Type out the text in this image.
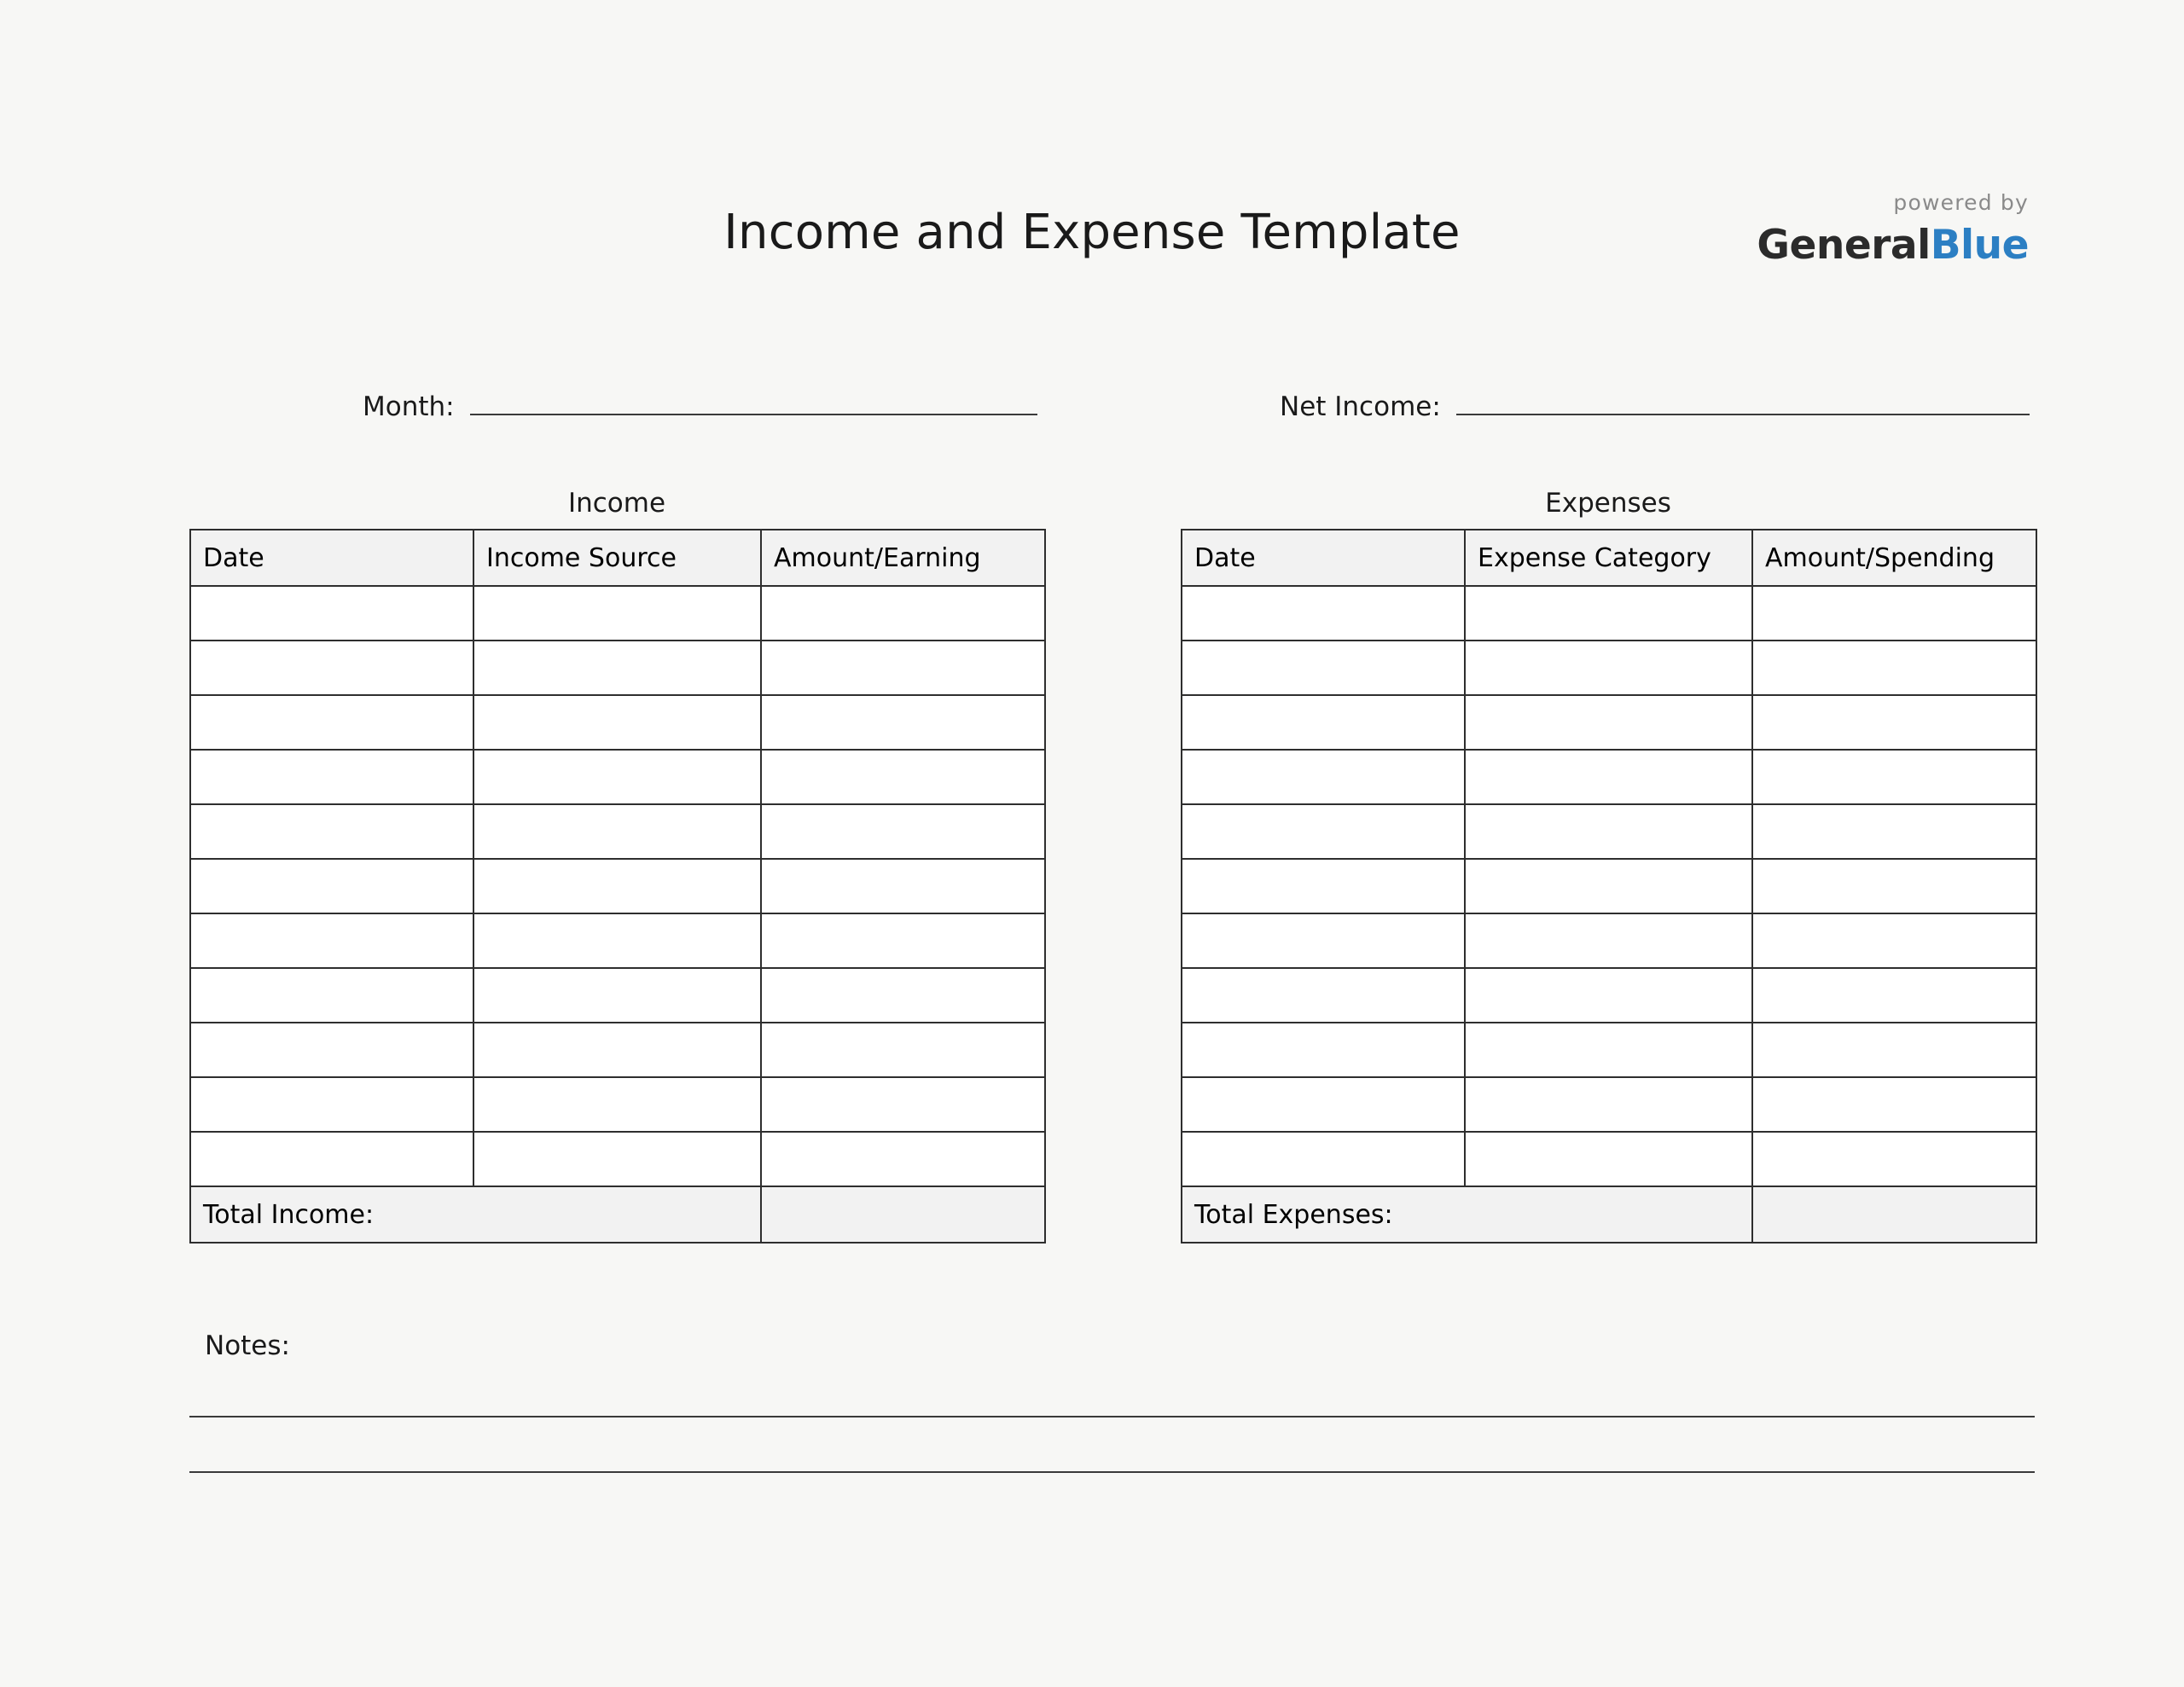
Income and Expense Template
powered by
GeneralBlue
Month:	Net Income:
Income
Date	Income Source	Amount/Earning

Total Income:		
Expenses
Date	Expense Category	Amount/Spending

Total Expenses:		
Notes:
